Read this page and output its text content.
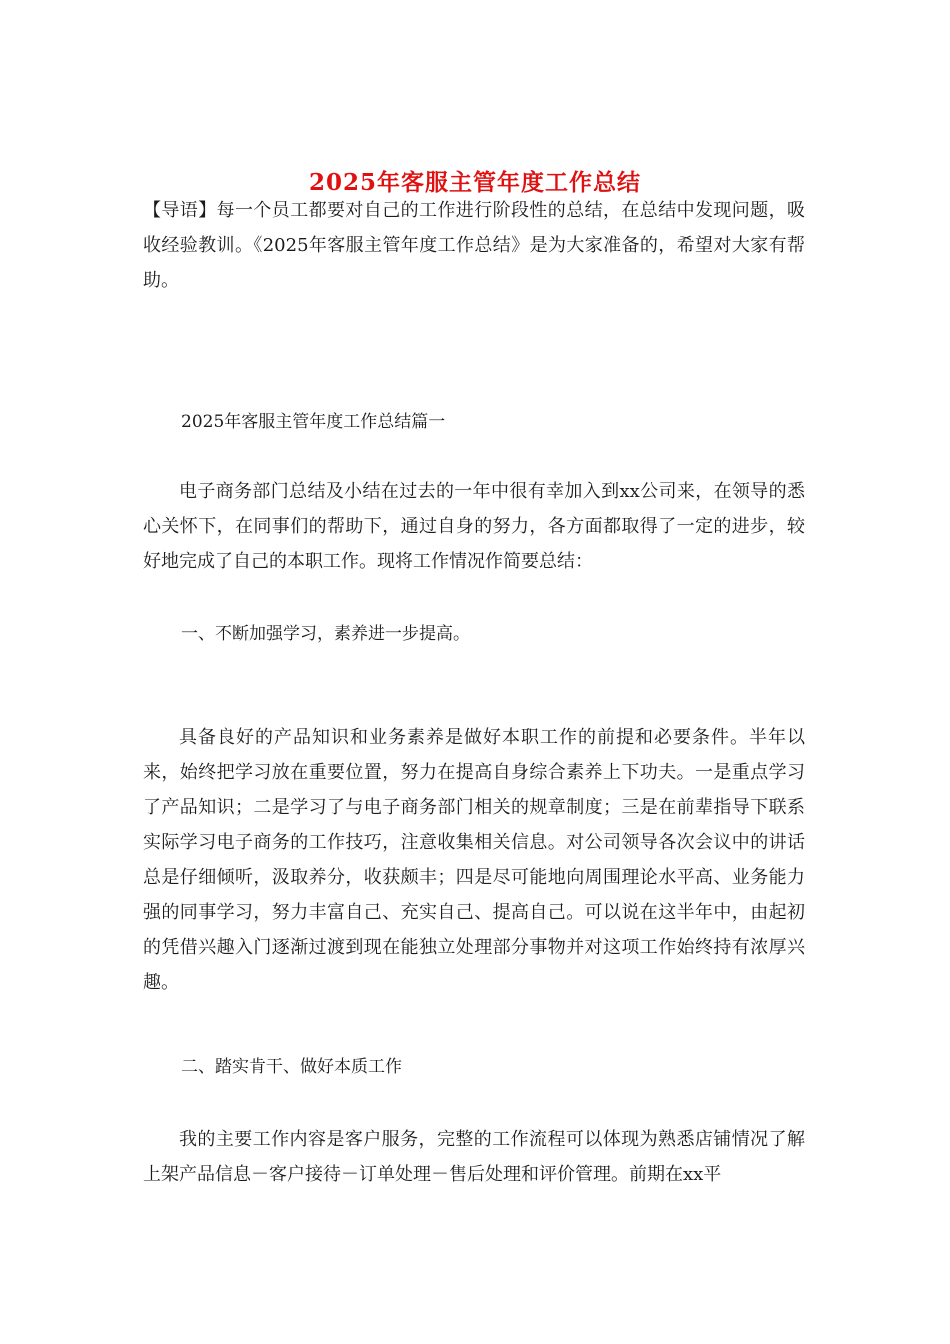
2025年客服主管年度工作总结

【导语】每一个员工都要对自己的工作进行阶段性的总结，在总结中发现问题，吸收经验教训。《2025年客服主管年度工作总结》是为大家准备的，希望对大家有帮助。

2025年客服主管年度工作总结篇一

电子商务部门总结及小结在过去的一年中很有幸加入到xx公司来，在领导的悉心关怀下，在同事们的帮助下，通过自身的努力，各方面都取得了一定的进步，较好地完成了自己的本职工作。现将工作情况作简要总结：

一、不断加强学习，素养进一步提高。

具备良好的产品知识和业务素养是做好本职工作的前提和必要条件。半年以来，始终把学习放在重要位置，努力在提高自身综合素养上下功夫。一是重点学习了产品知识；二是学习了与电子商务部门相关的规章制度；三是在前辈指导下联系实际学习电子商务的工作技巧，注意收集相关信息。对公司领导各次会议中的讲话总是仔细倾听，汲取养分，收获颇丰；四是尽可能地向周围理论水平高、业务能力强的同事学习，努力丰富自己、充实自己、提高自己。可以说在这半年中，由起初的凭借兴趣入门逐渐过渡到现在能独立处理部分事物并对这项工作始终持有浓厚兴趣。

二、踏实肯干、做好本质工作

我的主要工作内容是客户服务，完整的工作流程可以体现为熟悉店铺情况了解上架产品信息－客户接待－订单处理－售后处理和评价管理。前期在xx平
